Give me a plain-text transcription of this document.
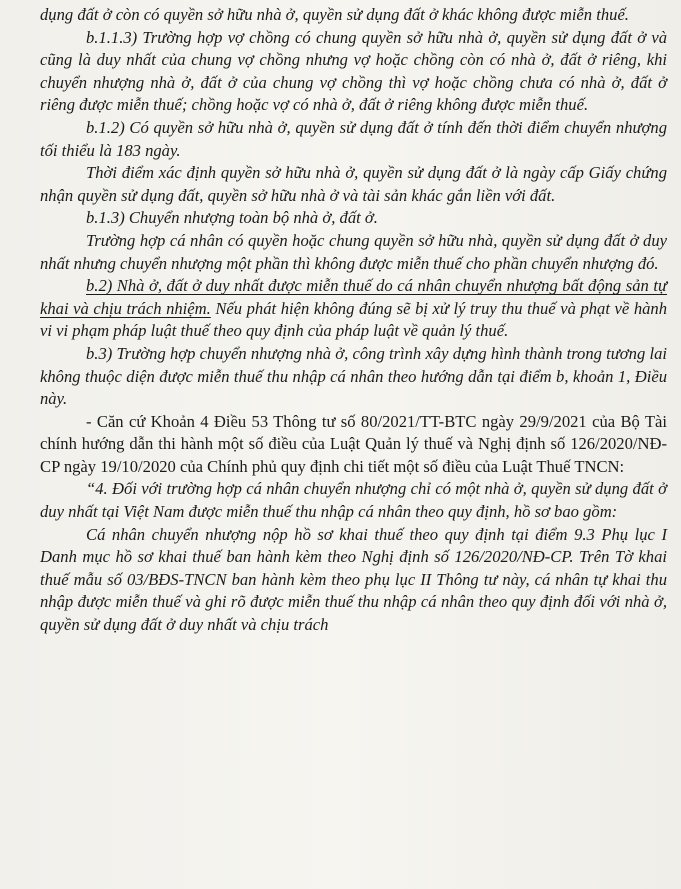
dụng đất ở còn có quyền sở hữu nhà ở, quyền sử dụng đất ở khác không được miễn thuế.

b.1.1.3) Trường hợp vợ chồng có chung quyền sở hữu nhà ở, quyền sử dụng đất ở và cũng là duy nhất của chung vợ chồng nhưng vợ hoặc chồng còn có nhà ở, đất ở riêng, khi chuyển nhượng nhà ở, đất ở của chung vợ chồng thì vợ hoặc chồng chưa có nhà ở, đất ở riêng được miễn thuế; chồng hoặc vợ có nhà ở, đất ở riêng không được miễn thuế.

b.1.2) Có quyền sở hữu nhà ở, quyền sử dụng đất ở tính đến thời điểm chuyển nhượng tối thiểu là 183 ngày.

Thời điểm xác định quyền sở hữu nhà ở, quyền sử dụng đất ở là ngày cấp Giấy chứng nhận quyền sử dụng đất, quyền sở hữu nhà ở và tài sản khác gắn liền với đất.

b.1.3) Chuyển nhượng toàn bộ nhà ở, đất ở.

Trường hợp cá nhân có quyền hoặc chung quyền sở hữu nhà, quyền sử dụng đất ở duy nhất nhưng chuyển nhượng một phần thì không được miễn thuế cho phần chuyển nhượng đó.

b.2) Nhà ở, đất ở duy nhất được miễn thuế do cá nhân chuyển nhượng bất động sản tự khai và chịu trách nhiệm. Nếu phát hiện không đúng sẽ bị xử lý truy thu thuế và phạt về hành vi vi phạm pháp luật thuế theo quy định của pháp luật về quản lý thuế.

b.3) Trường hợp chuyển nhượng nhà ở, công trình xây dựng hình thành trong tương lai không thuộc diện được miễn thuế thu nhập cá nhân theo hướng dẫn tại điểm b, khoản 1, Điều này.

- Căn cứ Khoản 4 Điều 53 Thông tư số 80/2021/TT-BTC ngày 29/9/2021 của Bộ Tài chính hướng dẫn thi hành một số điều của Luật Quản lý thuế và Nghị định số 126/2020/NĐ-CP ngày 19/10/2020 của Chính phủ quy định chi tiết một số điều của Luật Thuế TNCN:

“4. Đối với trường hợp cá nhân chuyển nhượng chỉ có một nhà ở, quyền sử dụng đất ở duy nhất tại Việt Nam được miễn thuế thu nhập cá nhân theo quy định, hồ sơ bao gồm:

Cá nhân chuyển nhượng nộp hồ sơ khai thuế theo quy định tại điểm 9.3 Phụ lục I Danh mục hồ sơ khai thuế ban hành kèm theo Nghị định số 126/2020/NĐ-CP. Trên Tờ khai thuế mẫu số 03/BĐS-TNCN ban hành kèm theo phụ lục II Thông tư này, cá nhân tự khai thu nhập được miễn thuế và ghi rõ được miễn thuế thu nhập cá nhân theo quy định đối với nhà ở, quyền sử dụng đất ở duy nhất và chịu trách
